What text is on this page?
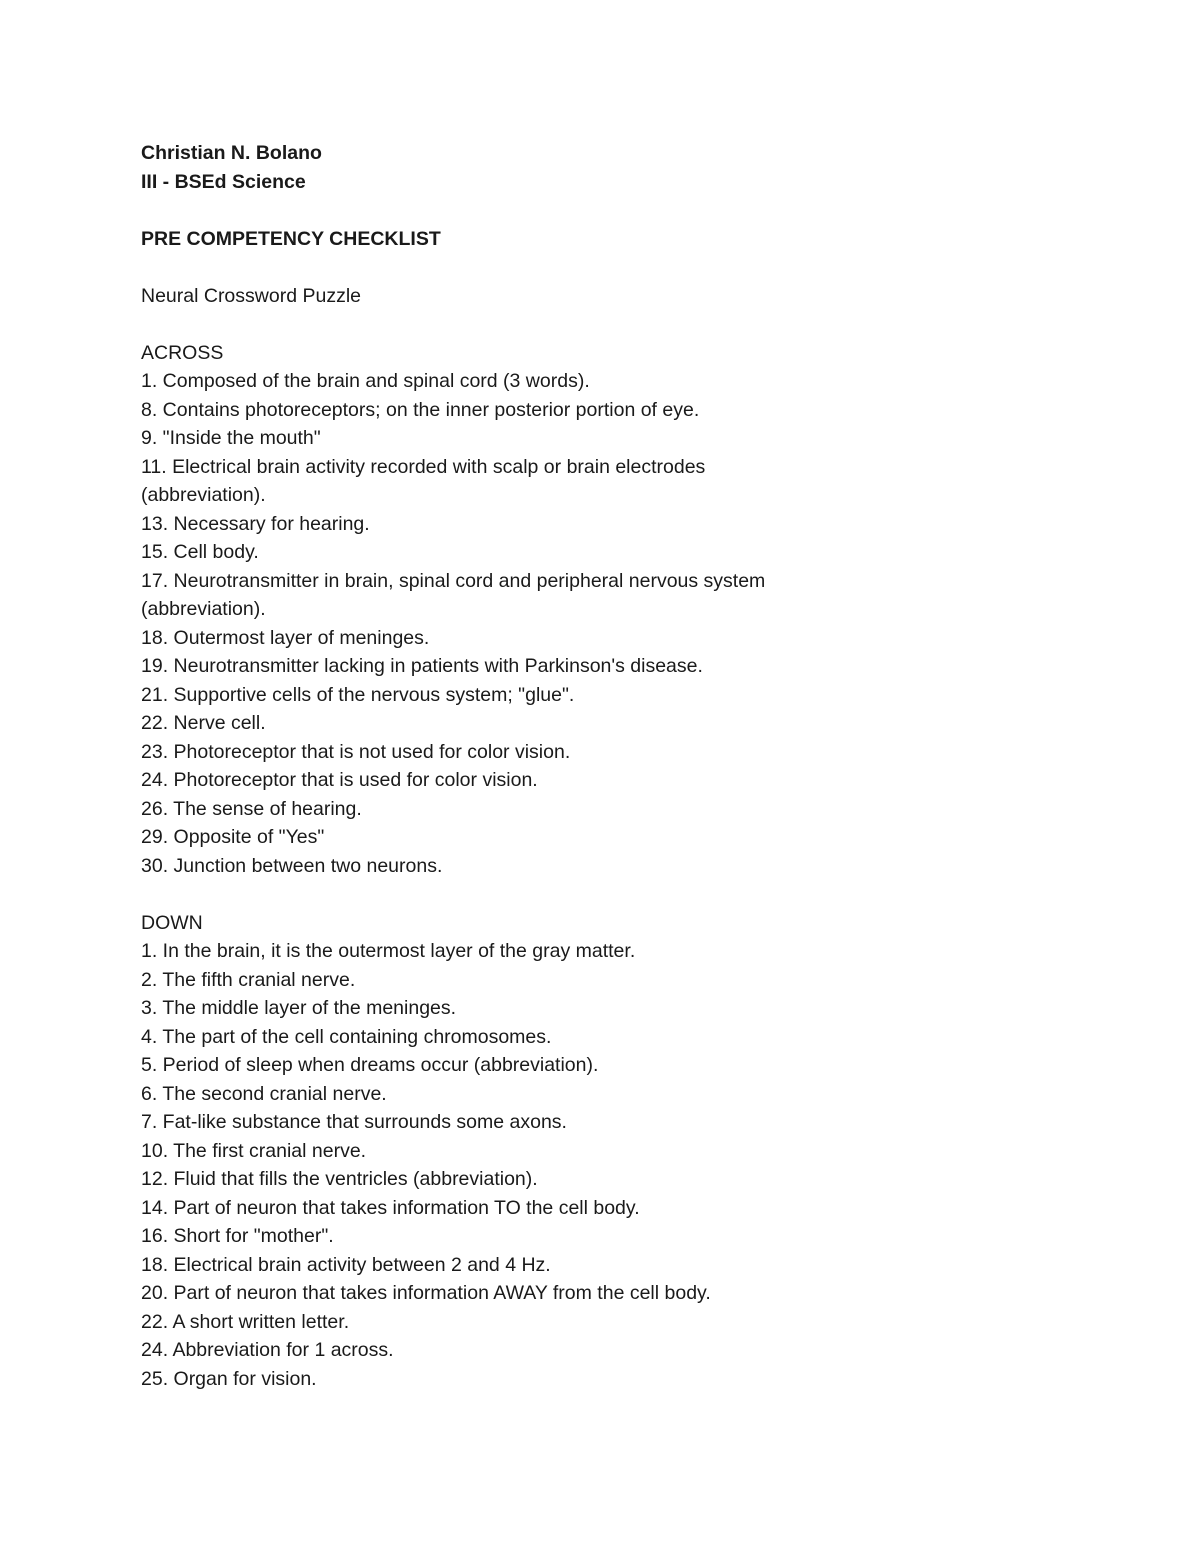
Christian N. Bolano
III - BSEd Science
PRE COMPETENCY CHECKLIST
Neural Crossword Puzzle
ACROSS
1. Composed of the brain and spinal cord (3 words).
8. Contains photoreceptors; on the inner posterior portion of eye.
9. "Inside the mouth"
11. Electrical brain activity recorded with scalp or brain electrodes
(abbreviation).
13. Necessary for hearing.
15. Cell body.
17. Neurotransmitter in brain, spinal cord and peripheral nervous system
(abbreviation).
18. Outermost layer of meninges.
19. Neurotransmitter lacking in patients with Parkinson's disease.
21. Supportive cells of the nervous system; "glue".
22. Nerve cell.
23. Photoreceptor that is not used for color vision.
24. Photoreceptor that is used for color vision.
26. The sense of hearing.
29. Opposite of "Yes"
30. Junction between two neurons.
DOWN
1. In the brain, it is the outermost layer of the gray matter.
2. The fifth cranial nerve.
3. The middle layer of the meninges.
4. The part of the cell containing chromosomes.
5. Period of sleep when dreams occur (abbreviation).
6. The second cranial nerve.
7. Fat-like substance that surrounds some axons.
10. The first cranial nerve.
12. Fluid that fills the ventricles (abbreviation).
14. Part of neuron that takes information TO the cell body.
16. Short for "mother".
18. Electrical brain activity between 2 and 4 Hz.
20. Part of neuron that takes information AWAY from the cell body.
22. A short written letter.
24. Abbreviation for 1 across.
25. Organ for vision.
